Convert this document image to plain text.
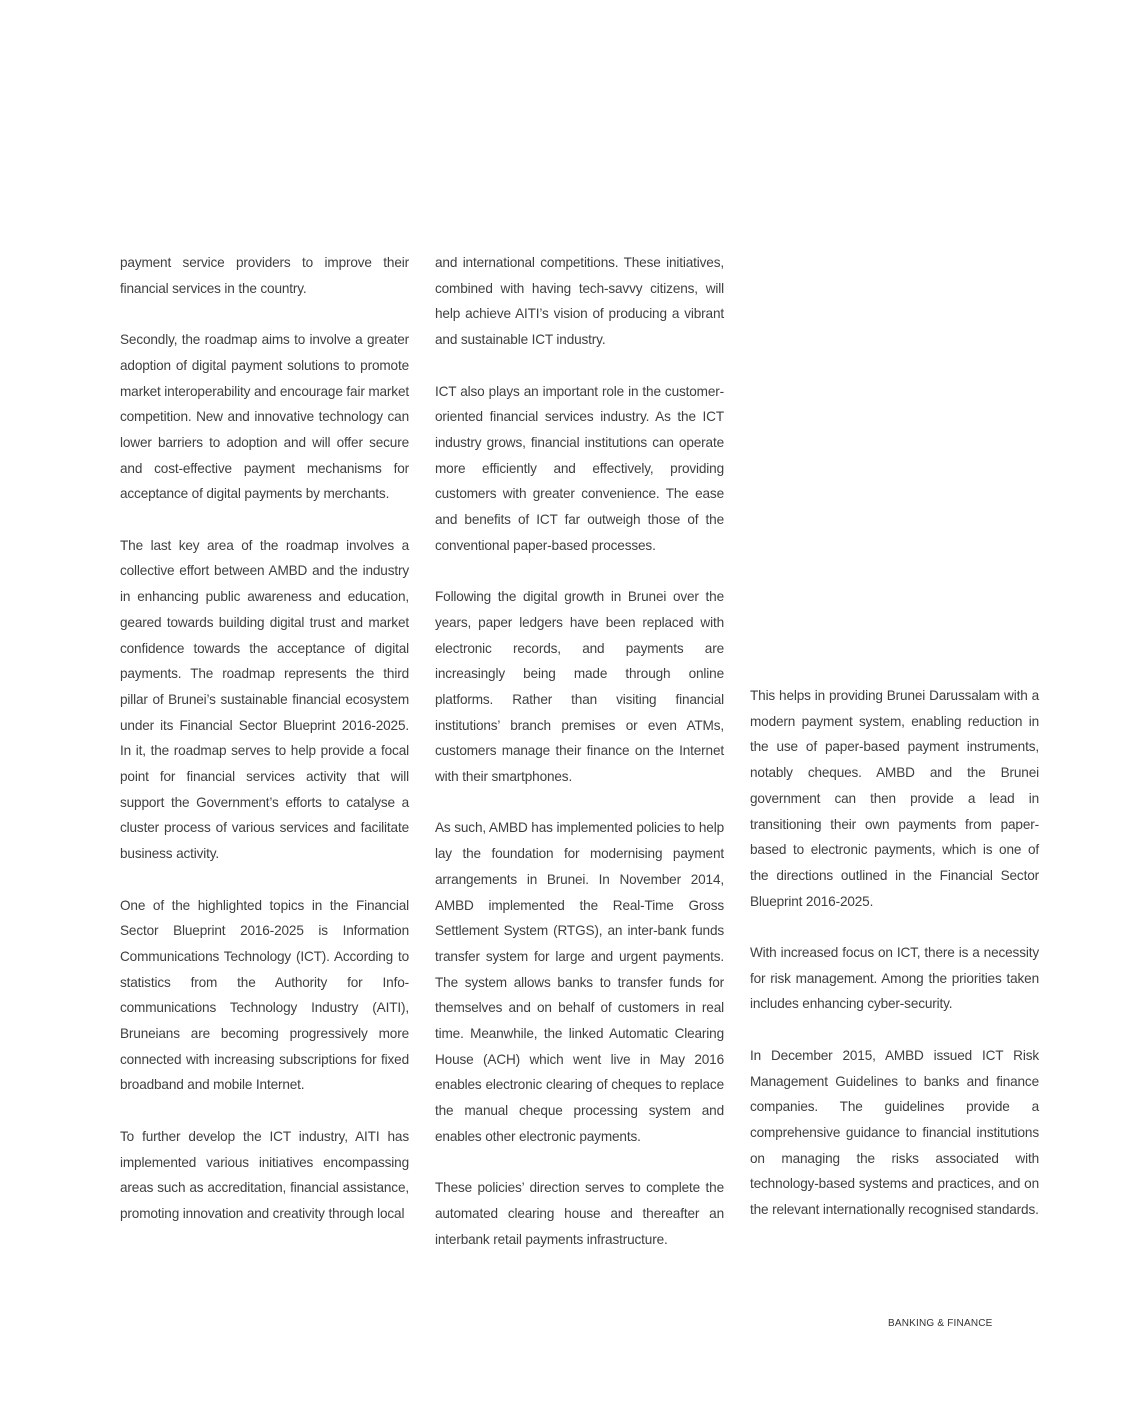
payment service providers to improve their financial services in the country.

Secondly, the roadmap aims to involve a greater adoption of digital payment solutions to promote market interoperability and encourage fair market competition. New and innovative technology can lower barriers to adoption and will offer secure and cost-effective payment mechanisms for acceptance of digital payments by merchants.

The last key area of the roadmap involves a collective effort between AMBD and the industry in enhancing public awareness and education, geared towards building digital trust and market confidence towards the acceptance of digital payments. The roadmap represents the third pillar of Brunei’s sustainable financial ecosystem under its Financial Sector Blueprint 2016-2025. In it, the roadmap serves to help provide a focal point for financial services activity that will support the Government’s efforts to catalyse a cluster process of various services and facilitate business activity.

One of the highlighted topics in the Financial Sector Blueprint 2016-2025 is Information Communications Technology (ICT). According to statistics from the Authority for Info-communications Technology Industry (AITI), Bruneians are becoming progressively more connected with increasing subscriptions for fixed broadband and mobile Internet.

To further develop the ICT industry, AITI has implemented various initiatives encompassing areas such as accreditation, financial assistance, promoting innovation and creativity through local

and international competitions. These initiatives, combined with having tech-savvy citizens, will help achieve AITI’s vision of producing a vibrant and sustainable ICT industry.

ICT also plays an important role in the customer-oriented financial services industry. As the ICT industry grows, financial institutions can operate more efficiently and effectively, providing customers with greater convenience. The ease and benefits of ICT far outweigh those of the conventional paper-based processes.

Following the digital growth in Brunei over the years, paper ledgers have been replaced with electronic records, and payments are increasingly being made through online platforms. Rather than visiting financial institutions’ branch premises or even ATMs, customers manage their finance on the Internet with their smartphones.

As such, AMBD has implemented policies to help lay the foundation for modernising payment arrangements in Brunei. In November 2014, AMBD implemented the Real-Time Gross Settlement System (RTGS), an inter-bank funds transfer system for large and urgent payments. The system allows banks to transfer funds for themselves and on behalf of customers in real time. Meanwhile, the linked Automatic Clearing House (ACH) which went live in May 2016 enables electronic clearing of cheques to replace the manual cheque processing system and enables other electronic payments.

These policies’ direction serves to complete the automated clearing house and thereafter an interbank retail payments infrastructure.

This helps in providing Brunei Darussalam with a modern payment system, enabling reduction in the use of paper-based payment instruments, notably cheques. AMBD and the Brunei government can then provide a lead in transitioning their own payments from paper-based to electronic payments, which is one of the directions outlined in the Financial Sector Blueprint 2016-2025.

With increased focus on ICT, there is a necessity for risk management. Among the priorities taken includes enhancing cyber-security.

In December 2015, AMBD issued ICT Risk Management Guidelines to banks and finance companies. The guidelines provide a comprehensive guidance to financial institutions on managing the risks associated with technology-based systems and practices, and on the relevant internationally recognised standards.

BANKING & FINANCE
